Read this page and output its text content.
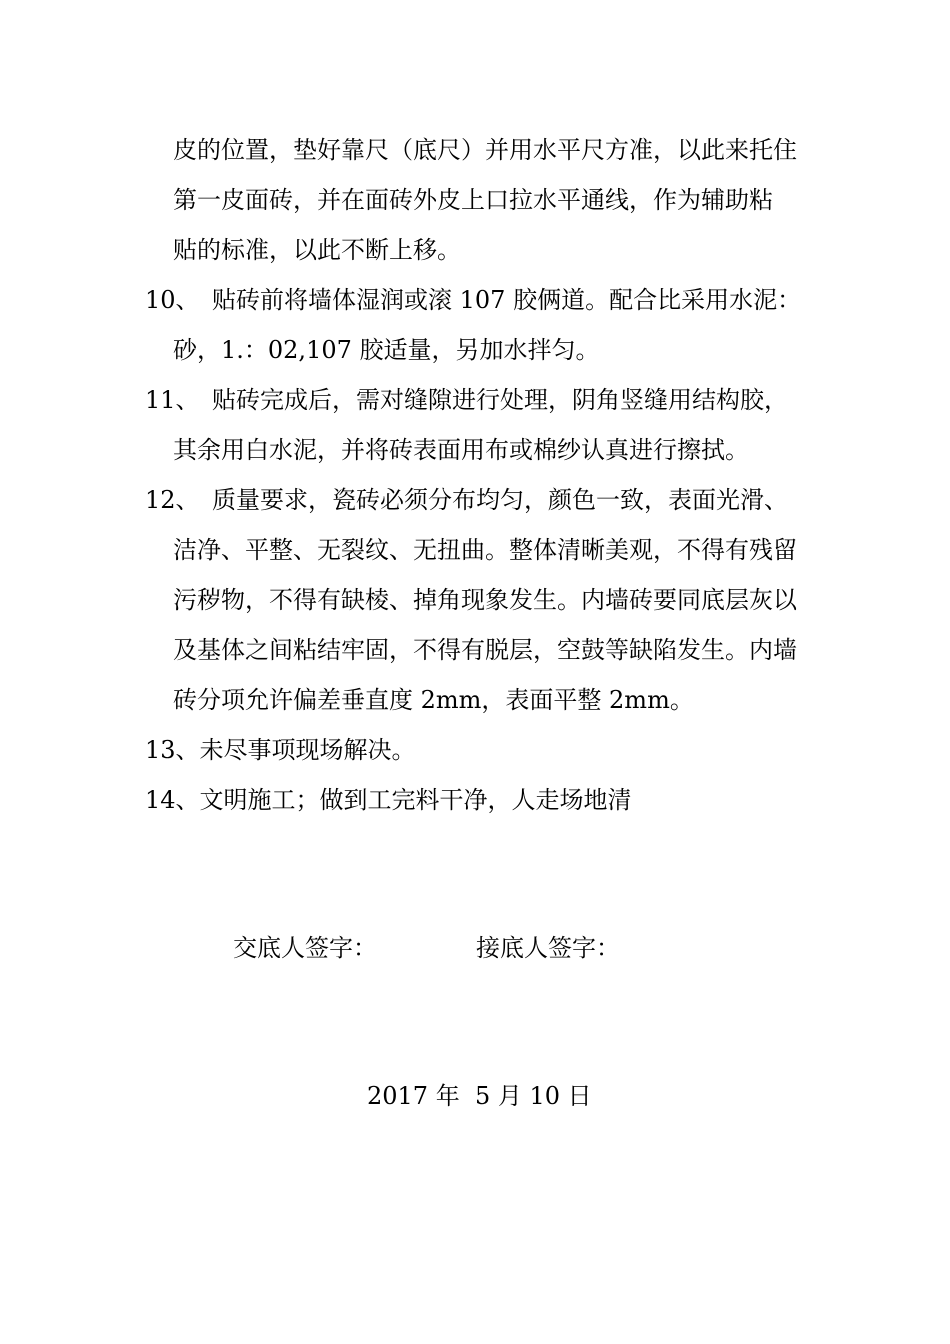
皮的位置，垫好靠尺（底尺）并用水平尺方准，以此来托住
第一皮面砖，并在面砖外皮上口拉水平通线，作为辅助粘
贴的标准，以此不断上移。
10、 贴砖前将墙体湿润或滚 107 胶俩道。配合比采用水泥：
砂，1.：02,107 胶适量，另加水拌匀。
11、 贴砖完成后，需对缝隙进行处理，阴角竖缝用结构胶，
其余用白水泥，并将砖表面用布或棉纱认真进行擦拭。
12、 质量要求，瓷砖必须分布均匀，颜色一致，表面光滑、
洁净、平整、无裂纹、无扭曲。整体清晰美观，不得有残留
污秽物，不得有缺棱、掉角现象发生。内墙砖要同底层灰以
及基体之间粘结牢固，不得有脱层，空鼓等缺陷发生。内墙
砖分项允许偏差垂直度 2mm，表面平整 2mm。
13、未尽事项现场解决。
14、文明施工；做到工完料干净，人走场地清
交底人签字：	接底人签字：
2017 年  5 月 10 日
